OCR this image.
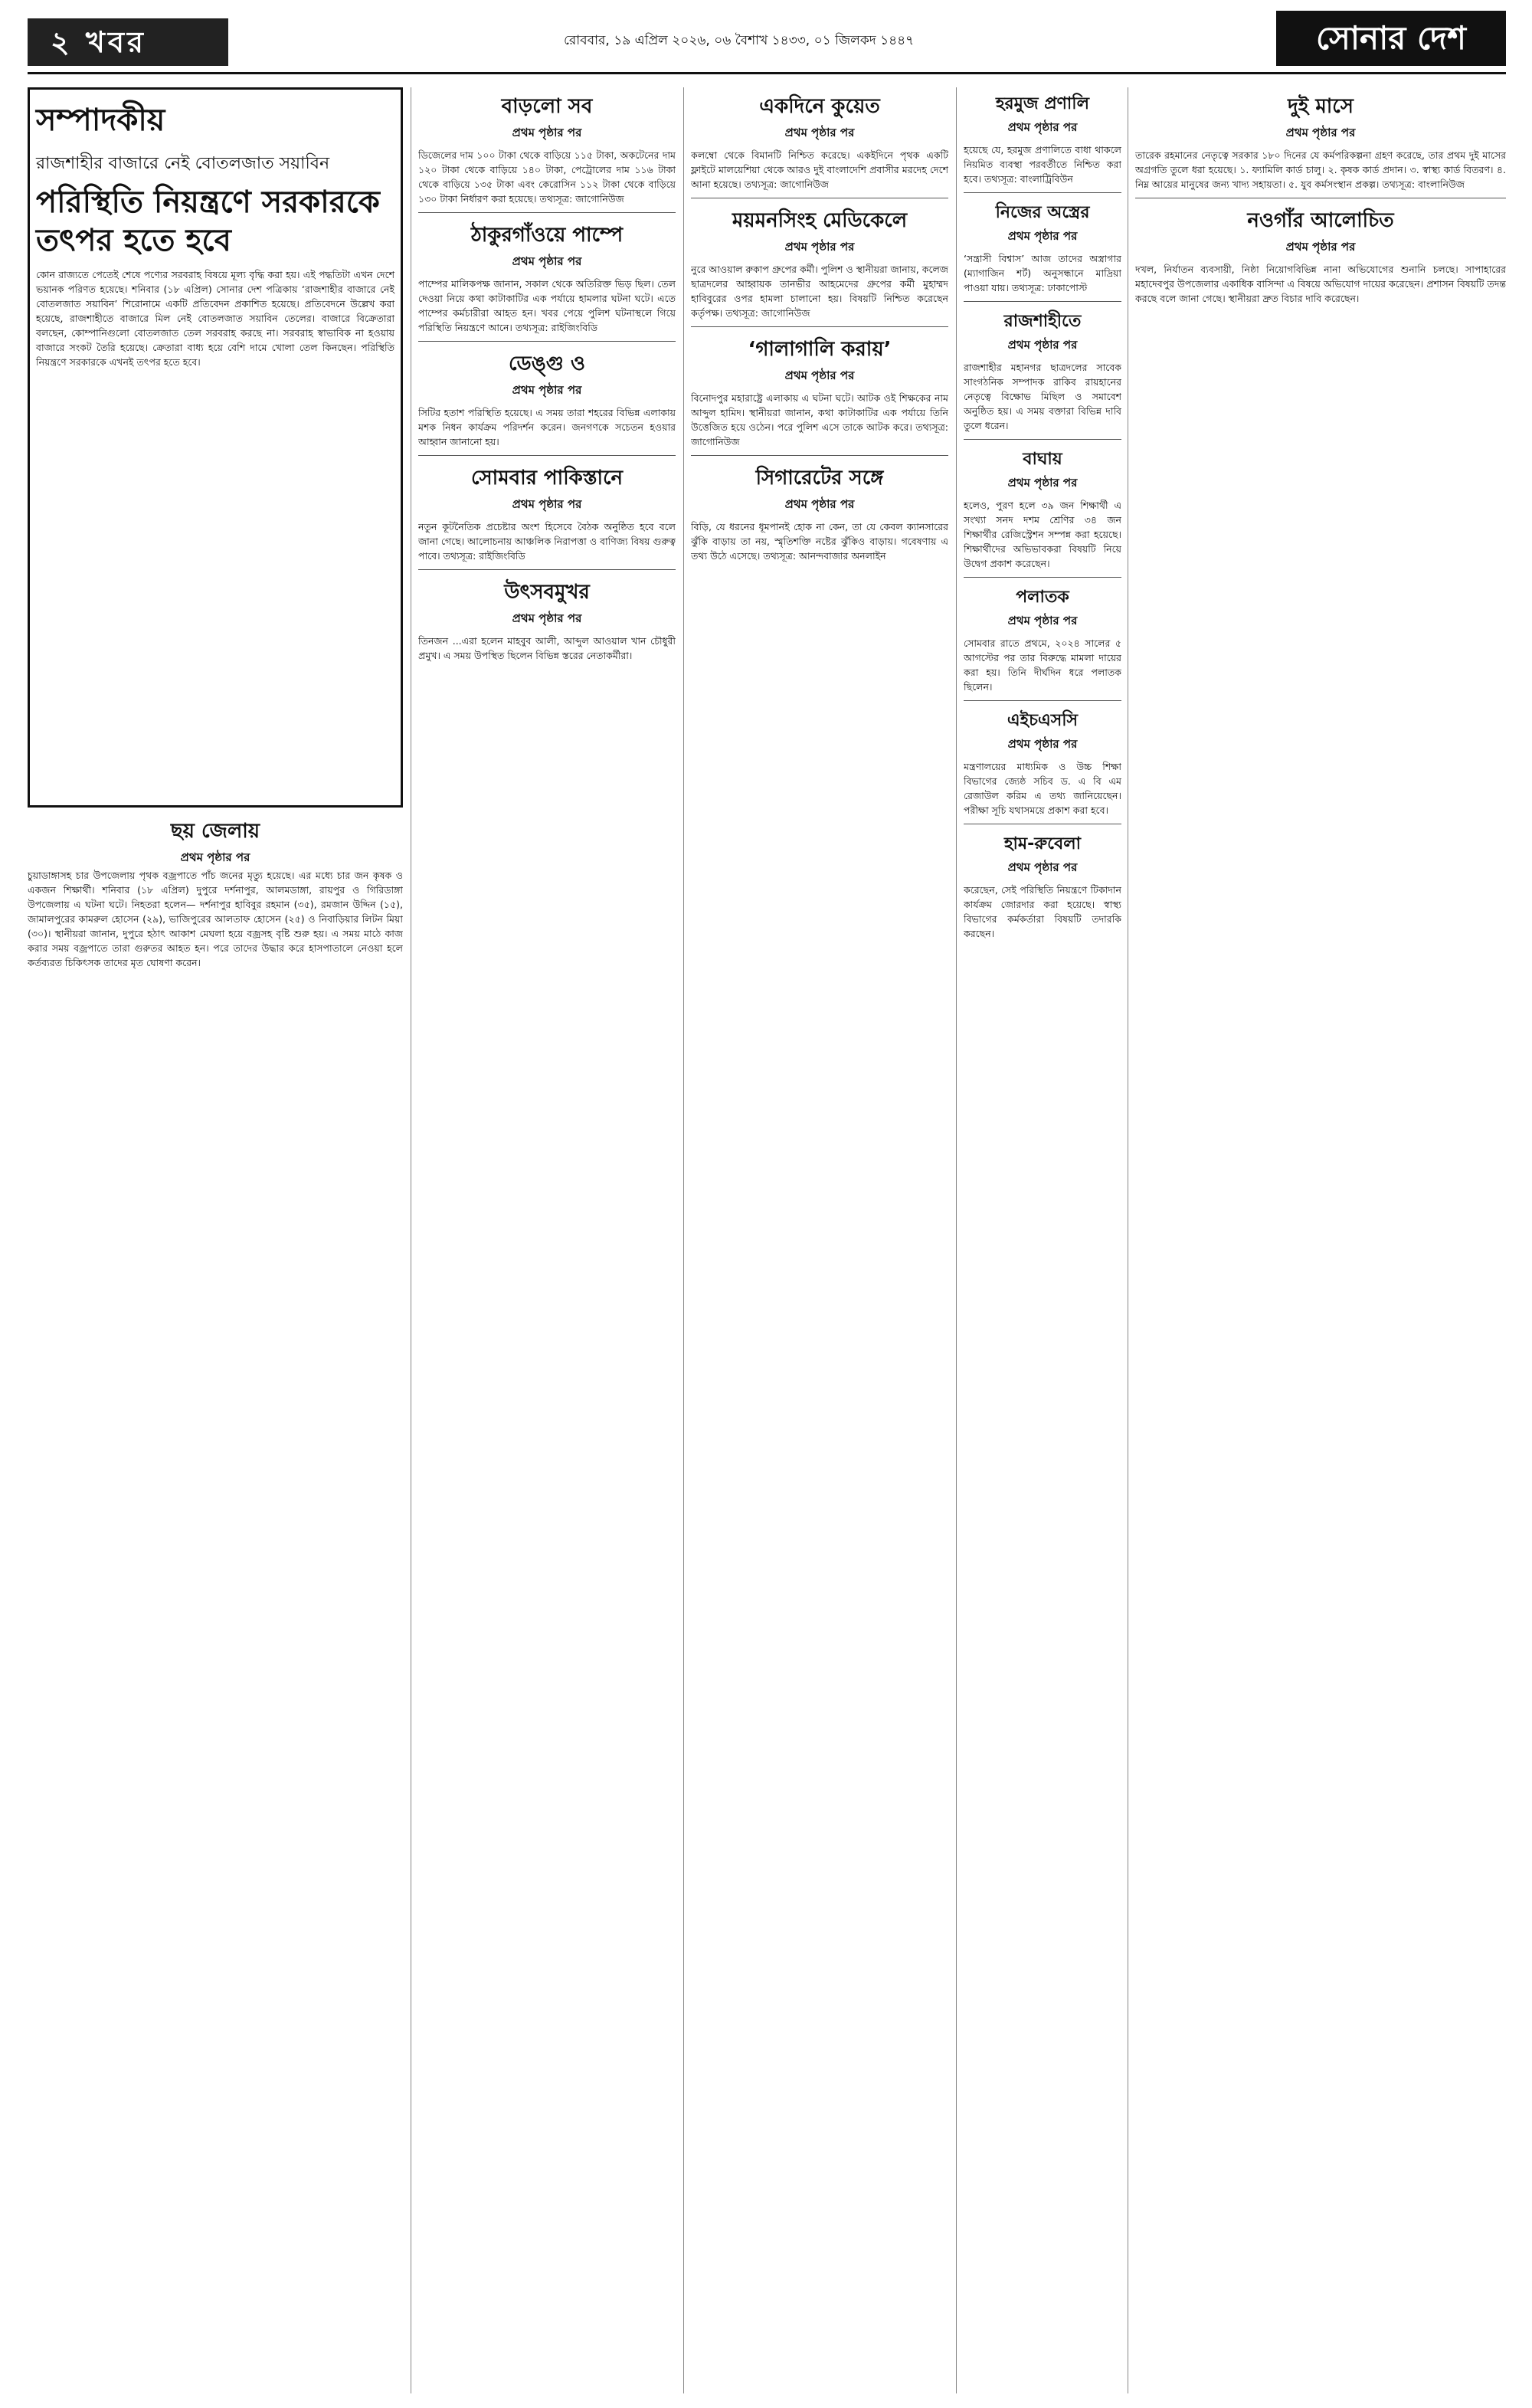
২ খবর	রোববার, ১৯ এপ্রিল ২০২৬, ০৬ বৈশাখ ১৪৩৩, ০১ জিলকদ ১৪৪৭	সোনার দেশ

সম্পাদকীয়

রাজশাহীর বাজারে নেই বোতলজাত সয়াবিন

পরিস্থিতি নিয়ন্ত্রণে সরকারকে তৎপর হতে হবে

কোন রাজ্যতে পেতেই শেষে পণ্যের সরবরাহ বিষয়ে মূল্য বৃদ্ধি করা হয়। এই পদ্ধতিটা এখন দেশে ভয়ানক পরিণত হয়েছে। শনিবার (১৮ এপ্রিল) সোনার দেশ পত্রিকায় ‘রাজশাহীর বাজারে নেই বোতলজাত সয়াবিন’ শিরোনামে একটি প্রতিবেদন প্রকাশিত হয়েছে। প্রতিবেদনে উল্লেখ করা হয়েছে, রাজশাহীতে বাজারে মিল নেই বোতলজাত সয়াবিন তেলের। বাজারে বিক্রেতারা বলছেন, কোম্পানিগুলো বোতলজাত তেল সরবরাহ করছে না। সরবরাহ স্বাভাবিক না হওয়ায় বাজারে সংকট তৈরি হয়েছে। ক্রেতারা বাধ্য হয়ে বেশি দামে খোলা তেল কিনছেন। পরিস্থিতি নিয়ন্ত্রণে সরকারকে এখনই তৎপর হতে হবে।

ছয় জেলায়
প্রথম পৃষ্ঠার পর

চুয়াডাঙ্গাসহ চার উপজেলায় পৃথক বজ্রপাতে পাঁচ জনের মৃত্যু হয়েছে। এর মধ্যে চার জন কৃষক ও একজন শিক্ষার্থী। শনিবার (১৮ এপ্রিল) দুপুরে দর্শনাপুর, আলমডাঙ্গা, রায়পুর ও গিরিডাঙ্গা উপজেলায় এ ঘটনা ঘটে। নিহতরা হলেন— দর্শনাপুর হাবিবুর রহমান (৩৫), রমজান উদ্দিন (১৫), জামালপুরের কামরুল হোসেন (২৯), ভাজিপুরের আলতাফ হোসেন (২৫) ও নিবাড়িয়ার লিটন মিয়া (৩০)। স্থানীয়রা জানান, দুপুরে হঠাৎ আকাশ মেঘলা হয়ে বজ্রসহ বৃষ্টি শুরু হয়। এ সময় মাঠে কাজ করার সময় বজ্রপাতে তারা গুরুতর আহত হন। পরে তাদের উদ্ধার করে হাসপাতালে নেওয়া হলে কর্তব্যরত চিকিৎসক তাদের মৃত ঘোষণা করেন।

বাড়লো সব
প্রথম পৃষ্ঠার পর

ডিজেলের দাম ১০০ টাকা থেকে বাড়িয়ে ১১৫ টাকা, অকটেনের দাম ১২০ টাকা থেকে বাড়িয়ে ১৪০ টাকা, পেট্রোলের দাম ১১৬ টাকা থেকে বাড়িয়ে ১৩৫ টাকা এবং কেরোসিন ১১২ টাকা থেকে বাড়িয়ে ১৩০ টাকা নির্ধারণ করা হয়েছে। তথ্যসূত্র: জাগোনিউজ

ঠাকুরগাঁওয়ে পাম্পে
প্রথম পৃষ্ঠার পর

পাম্পের মালিকপক্ষ জানান, সকাল থেকে অতিরিক্ত ভিড় ছিল। তেল দেওয়া নিয়ে কথা কাটাকাটির এক পর্যায়ে হামলার ঘটনা ঘটে। এতে পাম্পের কর্মচারীরা আহত হন। খবর পেয়ে পুলিশ ঘটনাস্থলে গিয়ে পরিস্থিতি নিয়ন্ত্রণে আনে। তথ্যসূত্র: রাইজিংবিডি

ডেঙ্গু ও
প্রথম পৃষ্ঠার পর

সিটির হতাশ পরিস্থিতি হয়েছে। এ সময় তারা শহরের বিভিন্ন এলাকায় মশক নিধন কার্যক্রম পরিদর্শন করেন। জনগণকে সচেতন হওয়ার আহ্বান জানানো হয়।

সোমবার পাকিস্তানে
প্রথম পৃষ্ঠার পর

নতুন কূটনৈতিক প্রচেষ্টার অংশ হিসেবে বৈঠক অনুষ্ঠিত হবে বলে জানা গেছে। আলোচনায় আঞ্চলিক নিরাপত্তা ও বাণিজ্য বিষয় গুরুত্ব পাবে। তথ্যসূত্র: রাইজিংবিডি

উৎসবমুখর
প্রথম পৃষ্ঠার পর

তিনজন ...এরা হলেন মাহবুব আলী, আব্দুল আওয়াল খান চৌধুরী প্রমুখ। এ সময় উপস্থিত ছিলেন বিভিন্ন স্তরের নেতাকর্মীরা।

একদিনে কুয়েত
প্রথম পৃষ্ঠার পর

কলম্বো থেকে বিমানটি নিশ্চিত করেছে। একইদিনে পৃথক একটি ফ্লাইটে মালয়েশিয়া থেকে আরও দুই বাংলাদেশি প্রবাসীর মরদেহ দেশে আনা হয়েছে। তথ্যসূত্র: জাগোনিউজ

ময়মনসিংহ মেডিকেলে
প্রথম পৃষ্ঠার পর

নুরে আওয়াল রুকাপ গ্রুপের কর্মী। পুলিশ ও স্থানীয়রা জানায়, কলেজ ছাত্রদলের আহ্বায়ক তানভীর আহমেদের গ্রুপের কর্মী মুহাম্মদ হাবিবুরের ওপর হামলা চালানো হয়। বিষয়টি নিশ্চিত করেছেন কর্তৃপক্ষ। তথ্যসূত্র: জাগোনিউজ

‘গালাগালি করায়’
প্রথম পৃষ্ঠার পর

বিনোদপুর মহারাষ্ট্রে এলাকায় এ ঘটনা ঘটে। আটক ওই শিক্ষকের নাম আব্দুল হামিদ। স্থানীয়রা জানান, কথা কাটাকাটির এক পর্যায়ে তিনি উত্তেজিত হয়ে ওঠেন। পরে পুলিশ এসে তাকে আটক করে। তথ্যসূত্র: জাগোনিউজ

সিগারেটের সঙ্গে
প্রথম পৃষ্ঠার পর

বিড়ি, যে ধরনের ধূমপানই হোক না কেন, তা যে কেবল ক্যানসারের ঝুঁকি বাড়ায় তা নয়, স্মৃতিশক্তি নষ্টের ঝুঁকিও বাড়ায়। গবেষণায় এ তথ্য উঠে এসেছে। তথ্যসূত্র: আনন্দবাজার অনলাইন

হরমুজ প্রণালি
প্রথম পৃষ্ঠার পর

হয়েছে যে, হরমুজ প্রণালিতে বাধা থাকলে নিয়মিত ব্যবস্থা পরবর্তীতে নিশ্চিত করা হবে। তথ্যসূত্র: বাংলাট্রিবিউন

নিজের অস্ত্রের
প্রথম পৃষ্ঠার পর

‘সন্ত্রাসী বিশ্বাস’ আজ তাদের অস্ত্রাগার (ম্যাগাজিন শর্ট) অনুসন্ধানে মাদ্রিয়া পাওয়া যায়। তথ্যসূত্র: ঢাকাপোস্ট

রাজশাহীতে
প্রথম পৃষ্ঠার পর

রাজশাহীর মহানগর ছাত্রদলের সাবেক সাংগঠনিক সম্পাদক রাকিব রায়হানের নেতৃত্বে বিক্ষোভ মিছিল ও সমাবেশ অনুষ্ঠিত হয়। এ সময় বক্তারা বিভিন্ন দাবি তুলে ধরেন।

বাঘায়
প্রথম পৃষ্ঠার পর

হলেও, পুরণ হলে ৩৯ জন শিক্ষার্থী এ সংখ্যা সনদ দশম শ্রেণির ৩৪ জন শিক্ষার্থীর রেজিস্ট্রেশন সম্পন্ন করা হয়েছে। শিক্ষার্থীদের অভিভাবকরা বিষয়টি নিয়ে উদ্বেগ প্রকাশ করেছেন।

পলাতক
প্রথম পৃষ্ঠার পর

সোমবার রাতে প্রথমে, ২০২৪ সালের ৫ আগস্টের পর তার বিরুদ্ধে মামলা দায়ের করা হয়। তিনি দীর্ঘদিন ধরে পলাতক ছিলেন।

এইচএসসি
প্রথম পৃষ্ঠার পর

মন্ত্রণালয়ের মাধ্যমিক ও উচ্চ শিক্ষা বিভাগের জ্যেষ্ঠ সচিব ড. এ বি এম রেজাউল করিম এ তথ্য জানিয়েছেন। পরীক্ষা সূচি যথাসময়ে প্রকাশ করা হবে।

হাম-রুবেলা
প্রথম পৃষ্ঠার পর

করেছেন, সেই পরিস্থিতি নিয়ন্ত্রণে টিকাদান কার্যক্রম জোরদার করা হয়েছে। স্বাস্থ্য বিভাগের কর্মকর্তারা বিষয়টি তদারকি করছেন।

দুই মাসে
প্রথম পৃষ্ঠার পর

তারেক রহমানের নেতৃত্বে সরকার ১৮০ দিনের যে কর্মপরিকল্পনা গ্রহণ করেছে, তার প্রথম দুই মাসের অগ্রগতি তুলে ধরা হয়েছে। ১. ফ্যামিলি কার্ড চালু। ২. কৃষক কার্ড প্রদান। ৩. স্বাস্থ্য কার্ড বিতরণ। ৪. নিম্ন আয়ের মানুষের জন্য খাদ্য সহায়তা। ৫. যুব কর্মসংস্থান প্রকল্প। তথ্যসূত্র: বাংলানিউজ

নওগাঁর আলোচিত
প্রথম পৃষ্ঠার পর

দখল, নির্যাতন ব্যবসায়ী, নিষ্ঠা নিয়োগবিভিন্ন নানা অভিযোগের শুনানি চলছে। সাপাহারের মহাদেবপুর উপজেলার একাধিক বাসিন্দা এ বিষয়ে অভিযোগ দায়ের করেছেন। প্রশাসন বিষয়টি তদন্ত করছে বলে জানা গেছে। স্থানীয়রা দ্রুত বিচার দাবি করেছেন।
